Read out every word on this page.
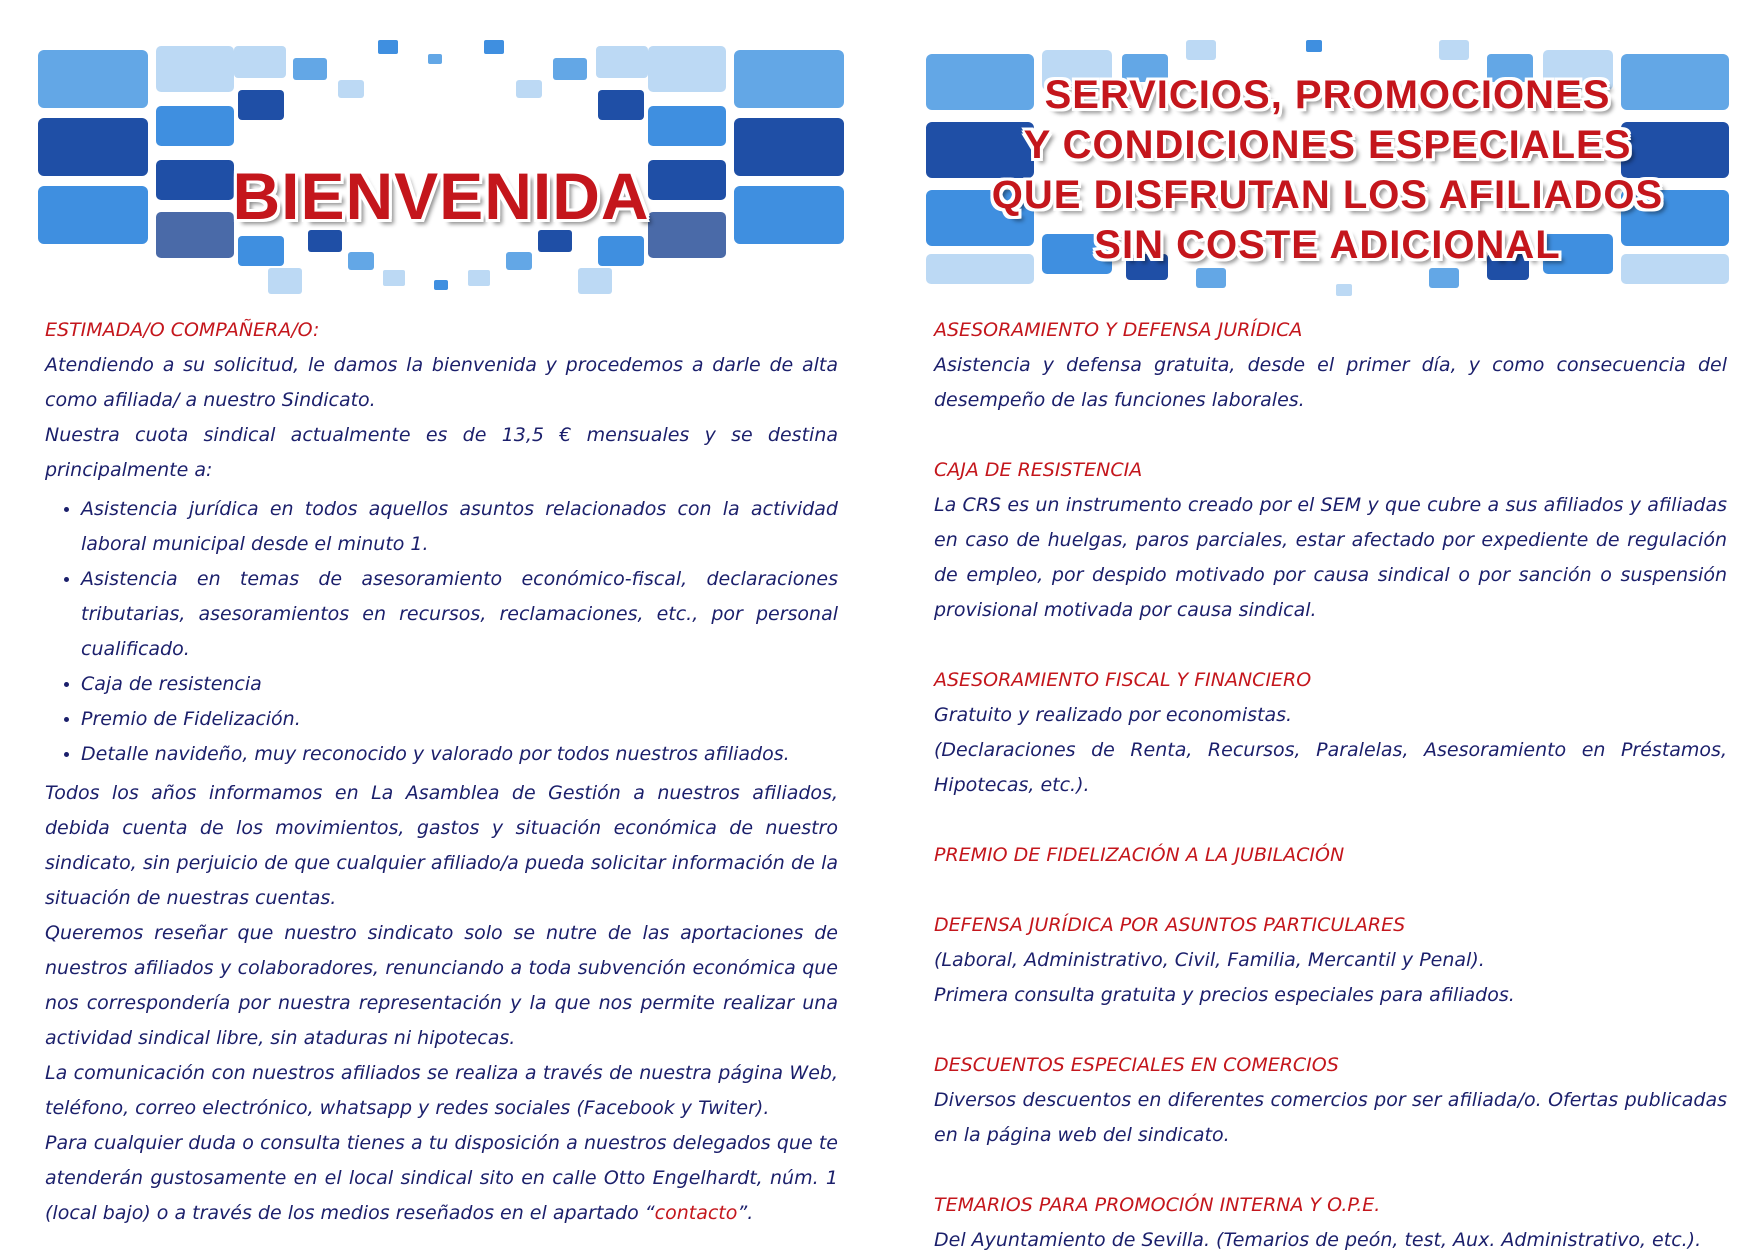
BIENVENIDA
SERVICIOS, PROMOCIONES
Y CONDICIONES ESPECIALES
QUE DISFRUTAN LOS AFILIADOS
SIN COSTE ADICIONAL

ESTIMADA/O COMPAÑERA/O:

Atendiendo a su solicitud, le damos la bienvenida y procedemos a darle de alta como afiliada/ a nuestro Sindicato.

Nuestra cuota sindical actualmente es de 13,5 € mensuales y se destina principalmente a:

• Asistencia jurídica en todos aquellos asuntos relacionados con la actividad laboral municipal desde el minuto 1.
• Asistencia en temas de asesoramiento económico-fiscal, declaraciones tributarias, asesoramientos en recursos, reclamaciones, etc., por personal cualificado.
• Caja de resistencia
• Premio de Fidelización.
• Detalle navideño, muy reconocido y valorado por todos nuestros afiliados.

Todos los años informamos en La Asamblea de Gestión a nuestros afiliados, debida cuenta de los movimientos, gastos y situación económica de nuestro sindicato, sin perjuicio de que cualquier afiliado/a pueda solicitar información de la situación de nuestras cuentas.

Queremos reseñar que nuestro sindicato solo se nutre de las aportaciones de nuestros afiliados y colaboradores, renunciando a toda subvención económica que nos correspondería por nuestra representación y la que nos permite realizar una actividad sindical libre, sin ataduras ni hipotecas.

La comunicación con nuestros afiliados se realiza a través de nuestra página Web, teléfono, correo electrónico, whatsapp y redes sociales (Facebook y Twiter).

Para cualquier duda o consulta tienes a tu disposición a nuestros delegados que te atenderán gustosamente en el local sindical sito en calle Otto Engelhardt, núm. 1 (local bajo) o a través de los medios reseñados en el apartado “contacto”.

ASESORAMIENTO Y DEFENSA JURÍDICA

Asistencia y defensa gratuita, desde el primer día, y como consecuencia del desempeño de las funciones laborales.

CAJA DE RESISTENCIA

La CRS es un instrumento creado por el SEM y que cubre a sus afiliados y afiliadas en caso de huelgas, paros parciales, estar afectado por expediente de regulación de empleo, por despido motivado por causa sindical o por sanción o suspensión provisional motivada por causa sindical.

ASESORAMIENTO FISCAL Y FINANCIERO

Gratuito y realizado por economistas.

(Declaraciones de Renta, Recursos, Paralelas, Asesoramiento en Préstamos, Hipotecas, etc.).

PREMIO DE FIDELIZACIÓN A LA JUBILACIÓN

DEFENSA JURÍDICA POR ASUNTOS PARTICULARES

(Laboral, Administrativo, Civil, Familia, Mercantil y Penal).

Primera consulta gratuita y precios especiales para afiliados.

DESCUENTOS ESPECIALES EN COMERCIOS

Diversos descuentos en diferentes comercios por ser afiliada/o. Ofertas publicadas en la página web del sindicato.

TEMARIOS PARA PROMOCIÓN INTERNA Y O.P.E.

Del Ayuntamiento de Sevilla. (Temarios de peón, test, Aux. Administrativo, etc.).
